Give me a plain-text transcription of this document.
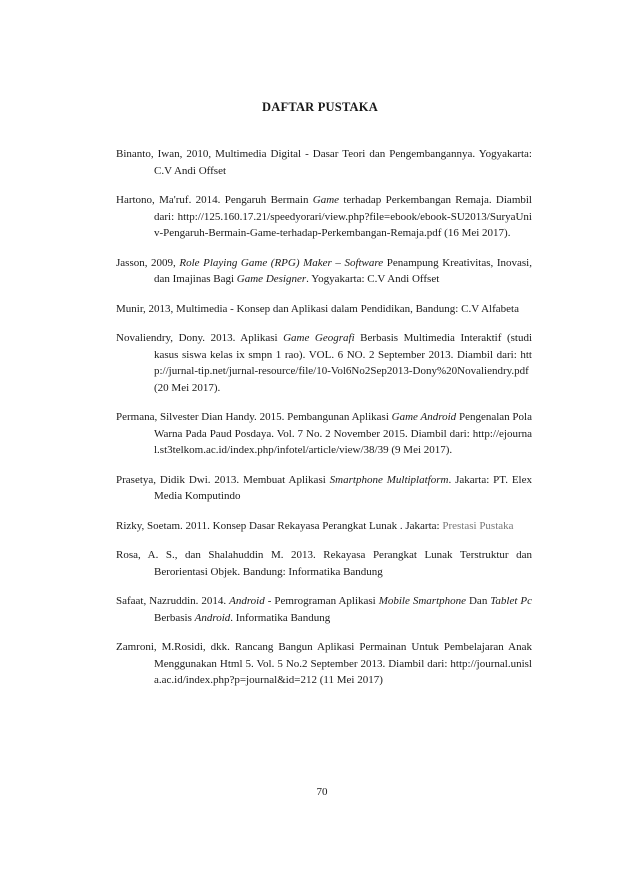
DAFTAR PUSTAKA

Binanto, Iwan, 2010, Multimedia Digital - Dasar Teori dan Pengembangannya. Yogyakarta: C.V Andi Offset

Hartono, Ma'ruf. 2014. Pengaruh Bermain Game terhadap Perkembangan Remaja. Diambil dari: http://125.160.17.21/speedyorari/view.php?file=ebook/ebook-SU2013/SuryaUniv-Pengaruh-Bermain-Game-terhadap-Perkembangan-Remaja.pdf (16 Mei 2017).

Jasson, 2009, Role Playing Game (RPG) Maker – Software Penampung Kreativitas, Inovasi, dan Imajinas Bagi Game Designer. Yogyakarta: C.V Andi Offset

Munir, 2013, Multimedia - Konsep dan Aplikasi dalam Pendidikan, Bandung: C.V Alfabeta

Novaliendry, Dony. 2013. Aplikasi Game Geografi Berbasis Multimedia Interaktif (studi kasus siswa kelas ix smpn 1 rao). VOL. 6 NO. 2 September 2013. Diambil dari: http://jurnal-tip.net/jurnal-resource/file/10-Vol6No2Sep2013-Dony%20Novaliendry.pdf (20 Mei 2017).

Permana, Silvester Dian Handy. 2015. Pembangunan Aplikasi Game Android Pengenalan Pola Warna Pada Paud Posdaya. Vol. 7 No. 2 November 2015. Diambil dari: http://ejournal.st3telkom.ac.id/index.php/infotel/article/view/38/39 (9 Mei 2017).

Prasetya, Didik Dwi. 2013. Membuat Aplikasi Smartphone Multiplatform. Jakarta: PT. Elex Media Komputindo

Rizky, Soetam. 2011. Konsep Dasar Rekayasa Perangkat Lunak . Jakarta: Prestasi Pustaka

Rosa, A. S., dan Shalahuddin M. 2013. Rekayasa Perangkat Lunak Terstruktur dan Berorientasi Objek. Bandung: Informatika Bandung

Safaat, Nazruddin. 2014. Android - Pemrograman Aplikasi Mobile Smartphone Dan Tablet Pc Berbasis Android. Informatika Bandung

Zamroni, M.Rosidi, dkk. Rancang Bangun Aplikasi Permainan Untuk Pembelajaran Anak Menggunakan Html 5. Vol. 5 No.2 September 2013. Diambil dari: http://journal.unisla.ac.id/index.php?p=journal&id=212 (11 Mei 2017)

70
